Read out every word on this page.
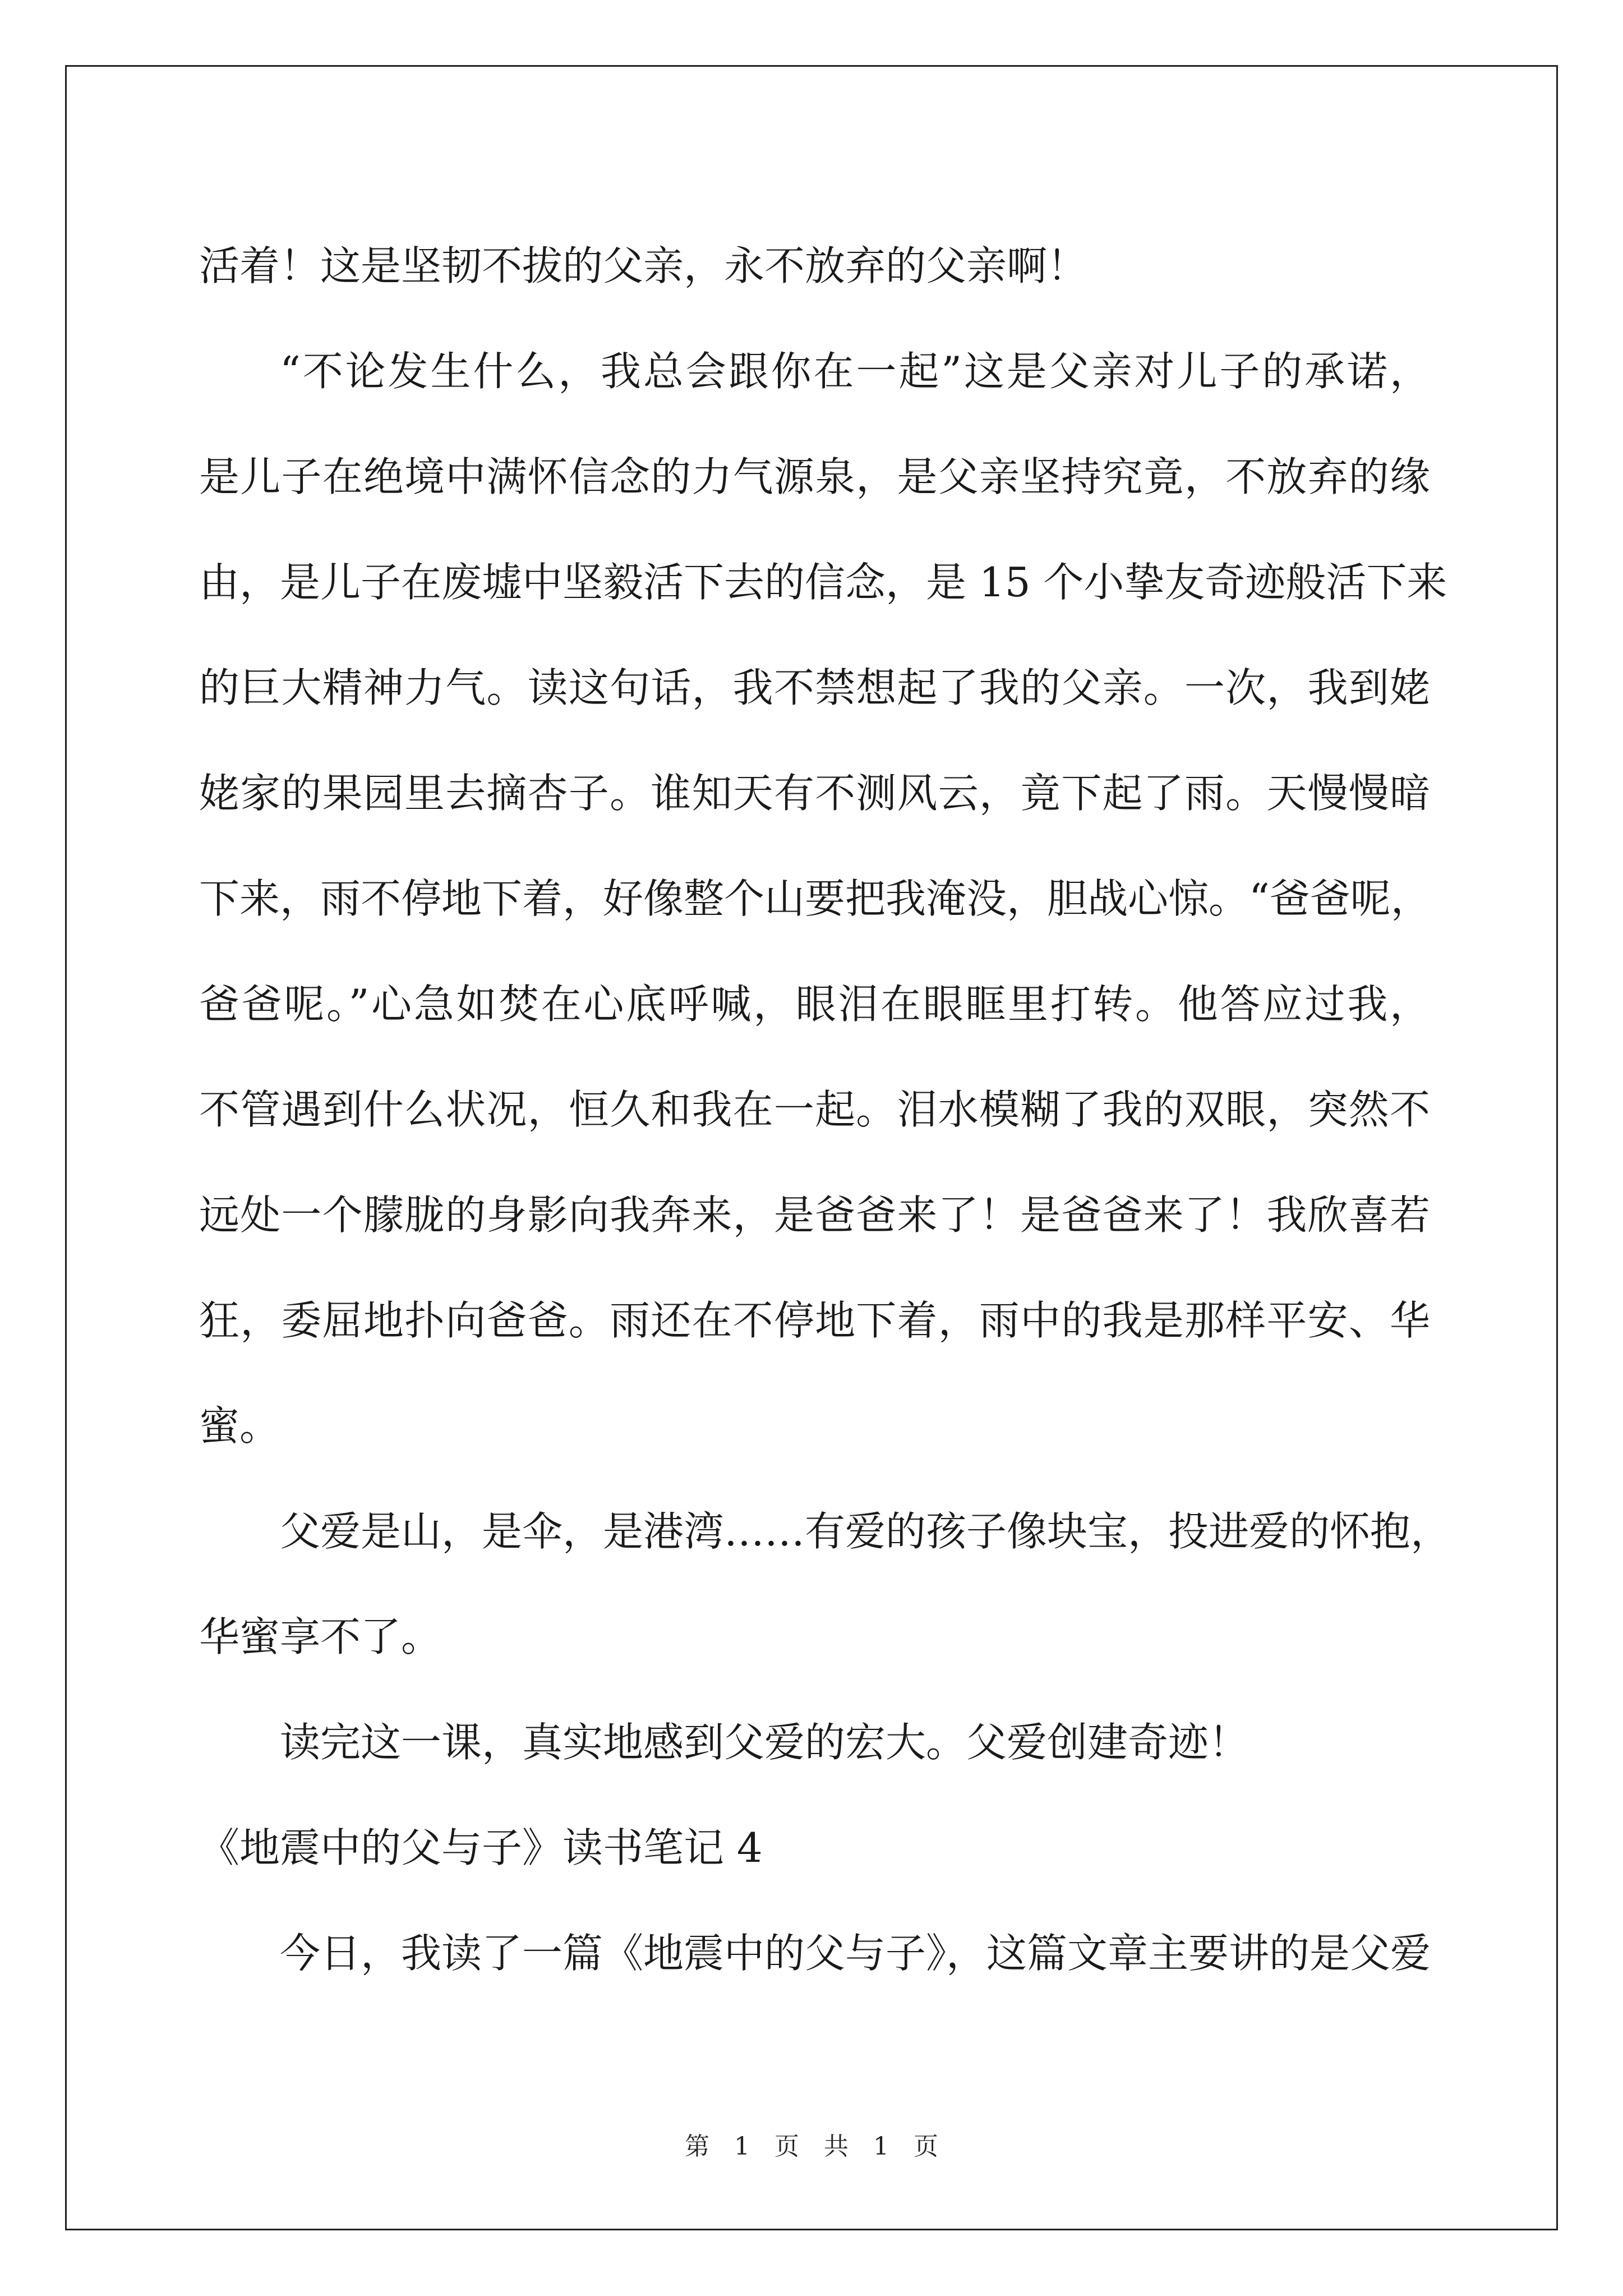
活着！这是坚韧不拔的父亲，永不放弃的父亲啊！
“不论发生什么，我总会跟你在一起”这是父亲对儿子的承诺，
是儿子在绝境中满怀信念的力气源泉，是父亲坚持究竟，不放弃的缘
由，是儿子在废墟中坚毅活下去的信念，是 15 个小挚友奇迹般活下来
的巨大精神力气。读这句话，我不禁想起了我的父亲。一次，我到姥
姥家的果园里去摘杏子。谁知天有不测风云，竟下起了雨。天慢慢暗
下来，雨不停地下着，好像整个山要把我淹没，胆战心惊。“爸爸呢，
爸爸呢。”心急如焚在心底呼喊，眼泪在眼眶里打转。他答应过我，
不管遇到什么状况，恒久和我在一起。泪水模糊了我的双眼，突然不
远处一个朦胧的身影向我奔来，是爸爸来了！是爸爸来了！我欣喜若
狂，委屈地扑向爸爸。雨还在不停地下着，雨中的我是那样平安、华
蜜。
父爱是山，是伞，是港湾……有爱的孩子像块宝，投进爱的怀抱，
华蜜享不了。
读完这一课，真实地感到父爱的宏大。父爱创建奇迹！
《地震中的父与子》读书笔记 4
今日，我读了一篇《地震中的父与子》，这篇文章主要讲的是父爱
第 1 页 共 1 页
